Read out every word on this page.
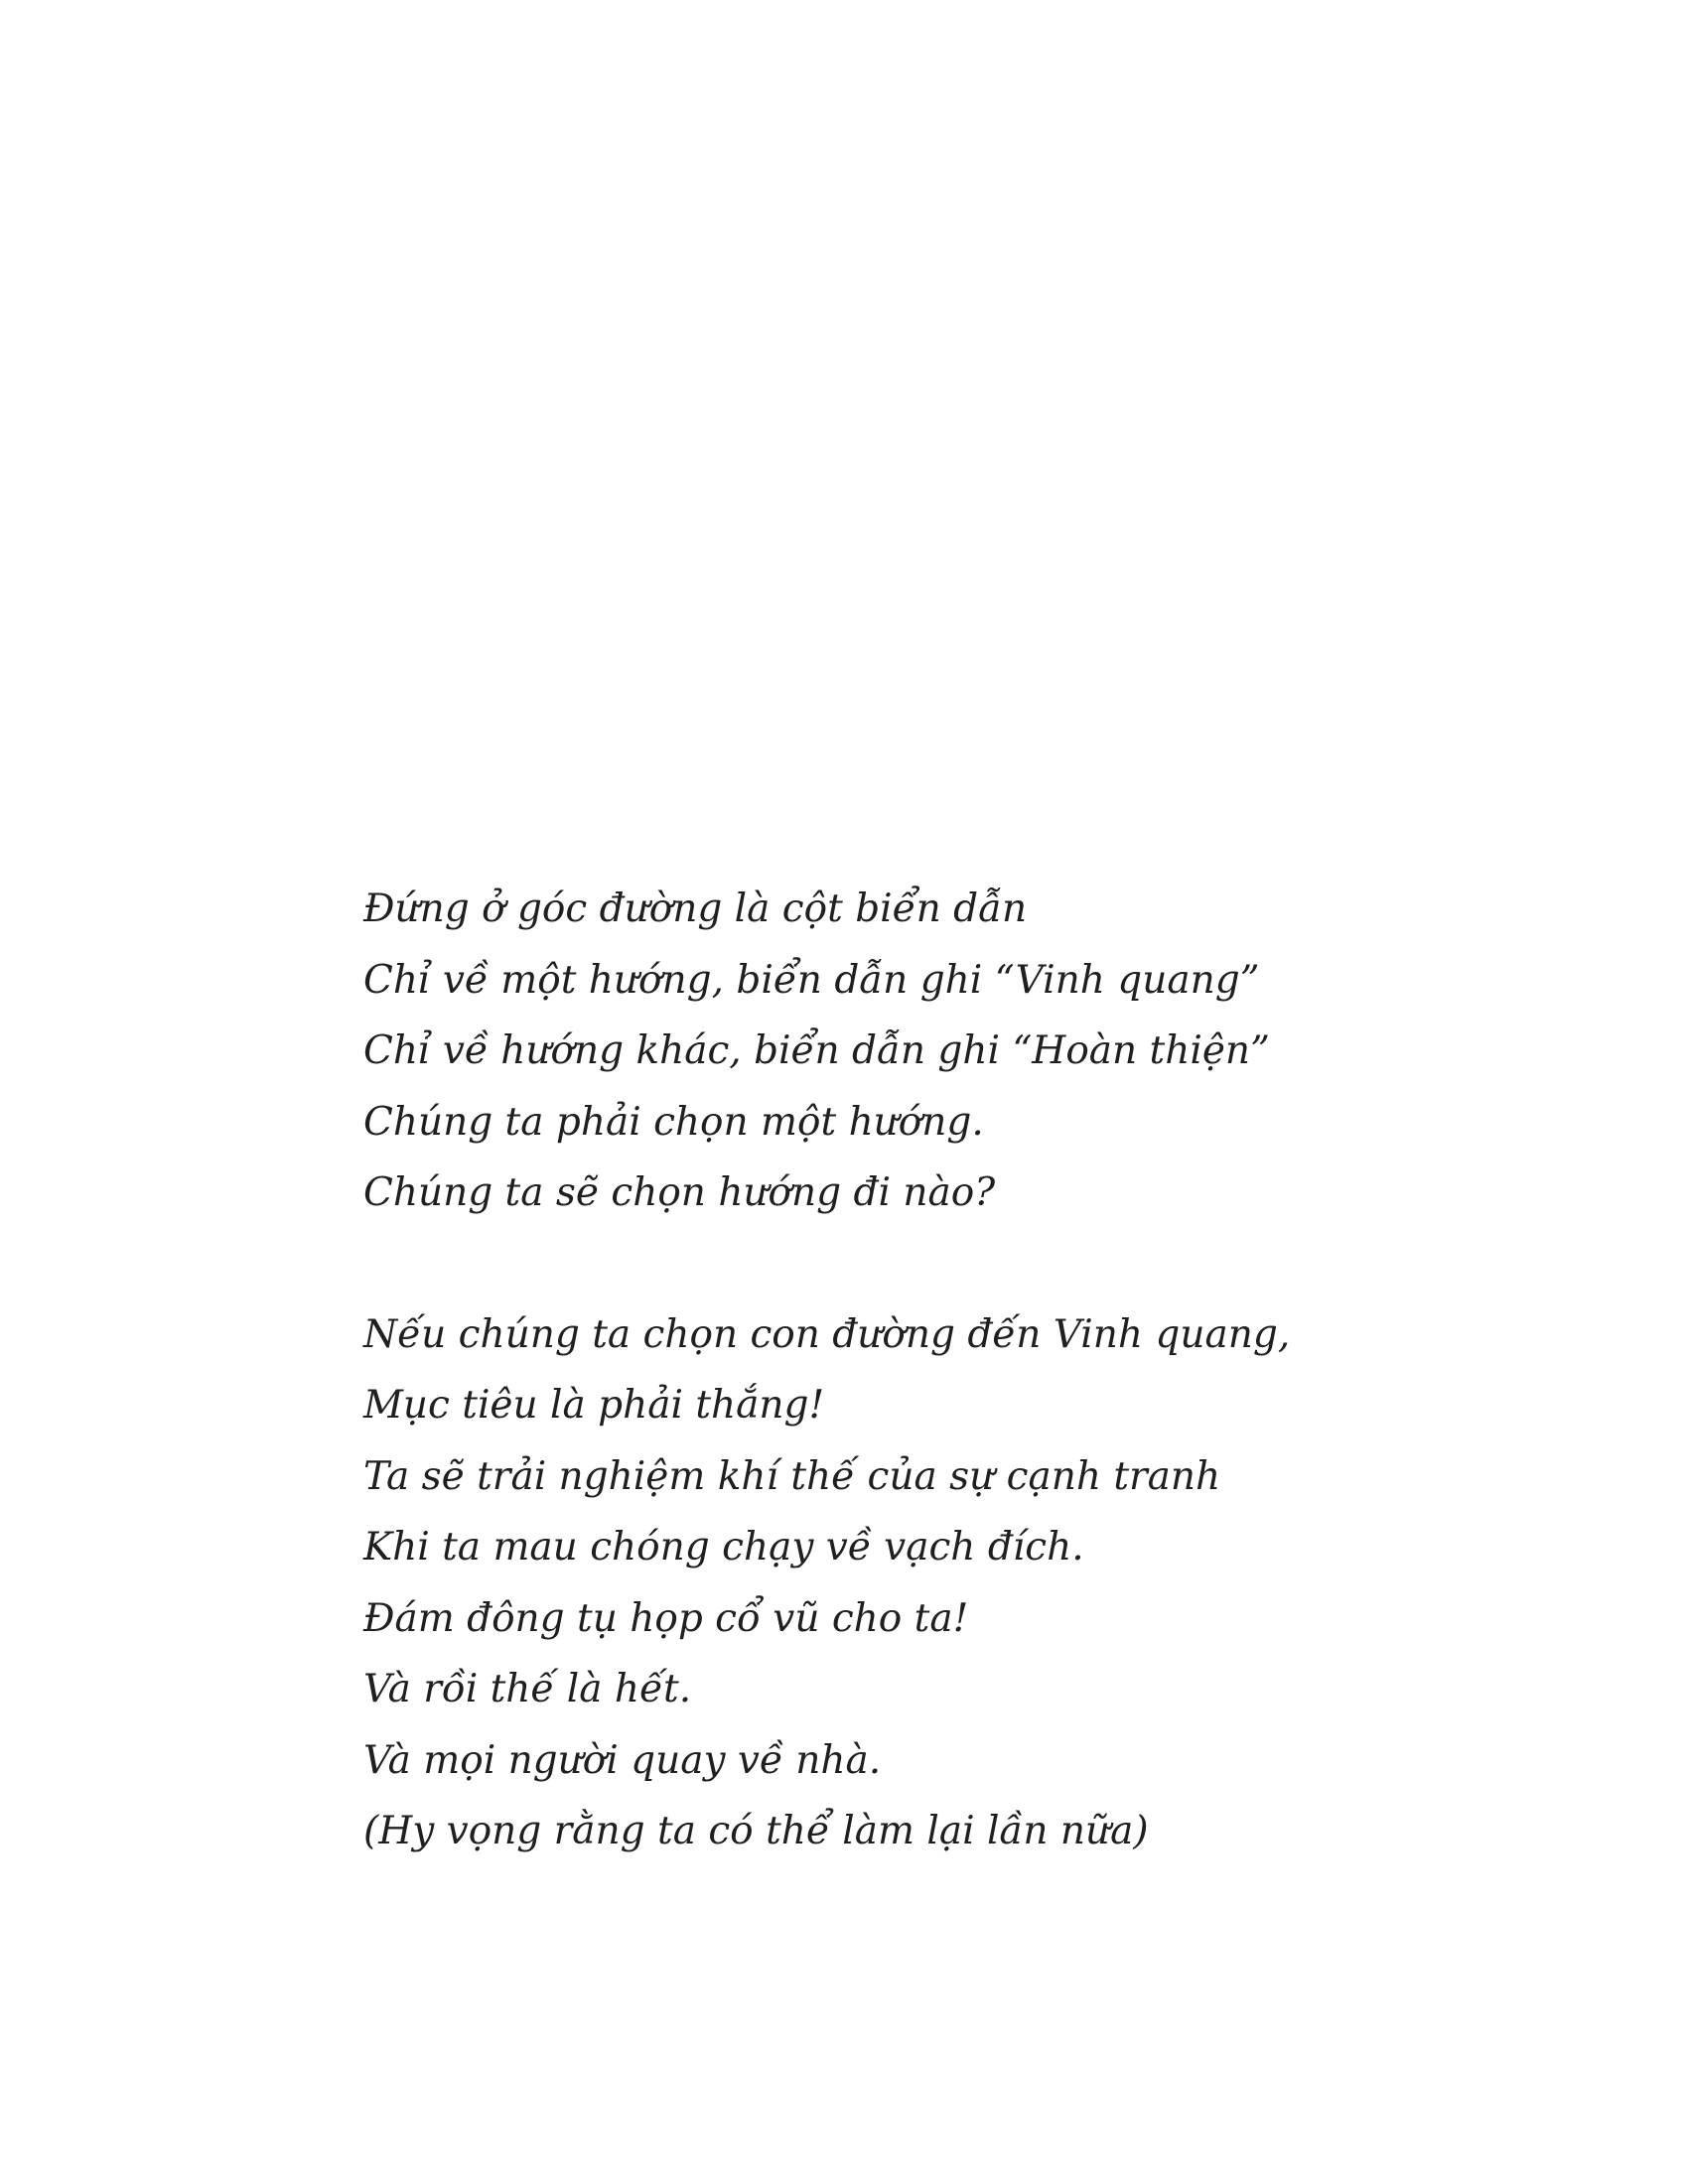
Đứng ở góc đường là cột biển dẫn
Chỉ về một hướng, biển dẫn ghi “Vinh quang”
Chỉ về hướng khác, biển dẫn ghi “Hoàn thiện”
Chúng ta phải chọn một hướng.
Chúng ta sẽ chọn hướng đi nào?
Nếu chúng ta chọn con đường đến Vinh quang,
Mục tiêu là phải thắng!
Ta sẽ trải nghiệm khí thế của sự cạnh tranh
Khi ta mau chóng chạy về vạch đích.
Đám đông tụ họp cổ vũ cho ta!
Và rồi thế là hết.
Và mọi người quay về nhà.
(Hy vọng rằng ta có thể làm lại lần nữa)
